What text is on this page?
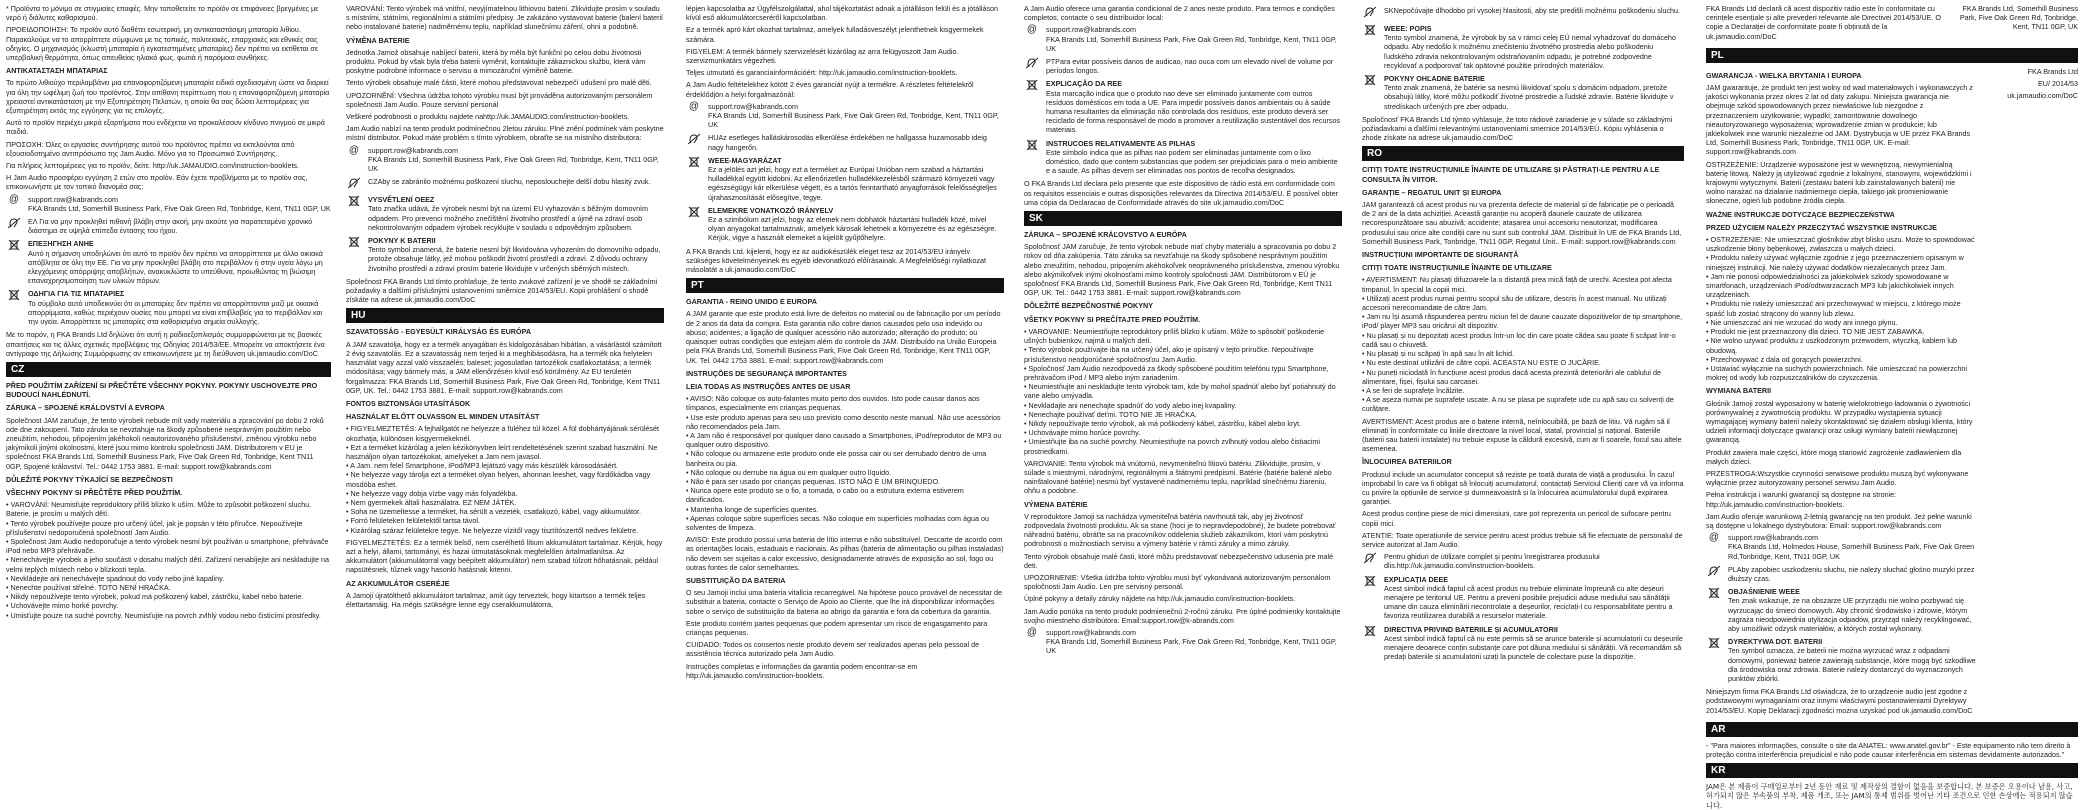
* Προϊόντα το μόνιμο σε στιγμιαίες επαφές. Μην τοποθετείτε το προϊόν σε επιφάνειες βρεγμένες με νερό ή διάλυτες καθαρισμού.

ΠΡΟΕΙΔΟΠΟΙΗΣΗ: Το προϊόν αυτό διαθέτει εσωτερική, μη αντικαταστάσιμη μπαταρία λιθίου. Παρακαλούμε να το απορρίπτετε σύμφωνα με τις τοπικές, πολιτειακές, επαρχιακές και εθνικές σας οδηγίες. Ο μηχανισμός (κλωστή μπαταρία ή εγκατεστημένες μπαταρίες) δεν πρέπει να εκτίθεται σε υπερβολική θερμότητα, όπως απευθείας ηλιακό φως, φωτιά ή παρόμοια συνθήκες.

ΑΝΤΙΚΑΤΑΣΤΑΣΗ ΜΠΑΤΑΡΙΑΣ

Το πρώτο λιθιούχο περιλαμβάνει μια επαναφορτιζόμενη μπαταρία ειδικά σχεδιασμένη ώστε να διαρκεί για όλη την ωφέλιμη ζωή του προϊόντος. Στην απίθανη περίπτωση που η επαναφορτιζόμενη μπαταρία χρειαστεί αντικατάσταση με την Εξυπηρέτηση Πελατών, η οποία θα σας δώσει λεπτομέρειες για εξυπηρέτηση εκτός της εγγύησης για τις επιλογές.

Αυτό το προϊόν περιέχει μικρά εξαρτήματα που ενδέχεται να προκαλέσουν κίνδυνο πνιγμού σε μικρά παιδιά.

ΠΡΟΣΟΧΗ: Όλες οι εργασίες συντήρησης αυτού του προϊόντος πρέπει να εκτελούνται από εξουσιοδοτημένο αντιπρόσωπο της Jam Audio. Μόνο για το Προσωπικό Συντήρησης.

Για πλήρεις λεπτομέρειες για το προϊόν, δείτε. http://uk.JAMAUDIO.com/instruction-booklets.

Η Jam Audio προσφέρει εγγύηση 2 ετών στο προϊόν. Εάν έχετε προβλήματα με το προϊόν σας, επικοινωνήστε με τον τοπικό διανομέα σας:

@	support.row@kabrands.com
FKA Brands Ltd, Somerhill Business Park, Five Oak Green Rd, Tonbridge, Kent, TN11 0GP, UK
ΕΛ Για να μην προκληθεί πιθανή βλάβη στην ακοή, μην ακούτε για παρατεταμένο χρονικό διάστημα σε υψηλά επίπεδα έντασης του ήχου.
ΕΠΕΞΗΓΗΣΗ ΑΝΗΕ
Αυτό η σήμανση υποδηλώνει ότι αυτό το προϊόν δεν πρέπει να απορρίπτεται με άλλα οικιακά απόβλητα σε όλη την ΕΕ. Για να μην προκληθεί βλάβη στο περιβάλλον ή στην υγεία λόγω μη ελεγχόμενης απόρριψης αποβλήτων, ανακυκλώστε το υπεύθυνα, προωθώντας τη βιώσιμη επαναχρησιμοποίηση των υλικών πόρων.
ΟΔΗΓΙΑ ΓΙΑ ΤΙΣ ΜΠΑΤΑΡΙΕΣ
Το σύμβολο αυτό υποδεικνύει ότι οι μπαταρίες δεν πρέπει να απορρίπτονται μαζί με οικιακά απορρίμματα, καθώς περιέχουν ουσίες που μπορεί να είναι επιβλαβείς για το περιβάλλον και την υγεία. Απορρίπτετε τις μπαταρίες στα καθορισμένα σημεία συλλογής.

Με το παρόν, η FKA Brands Ltd δηλώνει ότι αυτή η ραδιοεξοπλισμός συμμορφώνεται με τις βασικές απαιτήσεις και τις άλλες σχετικές προβλέψεις της Οδηγίας 2014/53/ΕΕ. Μπορείτε να αποκτήσετε ένα αντίγραφο της Δήλωσης Συμμόρφωσης αν επικοινωνήσετε με τη διεύθυνση uk.jamaudio.com/DoC

CZ

PŘED POUŽITÍM ZAŘÍZENÍ SI PŘEČTĚTE VŠECHNY POKYNY. POKYNY USCHOVEJTE PRO BUDOUCÍ NAHLÉDNUTÍ.

ZÁRUKA – SPOJENÉ KRÁLOVSTVÍ A EVROPA

Společnost JAM zaručuje, že tento výrobek nebude mít vady materiálu a zpracování po dobu 2 roků ode dne zakoupení. Tato záruka se nevztahuje na škody způsobené nesprávným použitím nebo zneužitím, nehodou, připojením jakéhokoli neautorizovaného příslušenství, změnou výrobku nebo jakýmikoli jinými okolnostmi, které jsou mimo kontrolu společnosti JAM. Distributorem v EU je společnost FKA Brands Ltd, Somerhill Business Park, Five Oak Green Rd, Tonbridge, Kent TN11 0GP, Spojené království. Tel.: 0442 1753 3881. E-mail: support.row@kabrands.com

DŮLEŽITÉ POKYNY TÝKAJÍCÍ SE BEZPEČNOSTI

VŠECHNY POKYNY SI PŘEČTĚTE PŘED POUŽITÍM.

• VAROVÁNÍ: Neumisťujte reproduktory příliš blízko k uším. Může to způsobit poškození sluchu. Baterie, je prosím u malých dětí.
• Tento výrobek používejte pouze pro určený účel, jak je popsán v této příručce. Nepoužívejte příslušenství nedoporučená společností Jam Audio.
• Společnost Jam Audio nedoporučuje a tento výrobek nesmí být používán u smartphone, přehrávače iPod nebo MP3 přehrávače.
• Nenechávejte výrobek a jeho součásti v dosahu malých dětí. Zařízení nenabíjejte ani neskladujte na velmi teplých místech nebo v blízkosti tepla.
• Nevkládejte ani nenechávejte spadnout do vody nebo jiné kapaliny.
• Nenechte používat střelné. TOTO NENÍ HRAČKA.
• Nikdy nepoužívejte tento výrobek, pokud má poškozený kabel, zástrčku, kabel nebo baterie.
• Uchovávejte mimo horké povrchy.
• Umisťujte pouze na suché povrchy. Neumisťujte na povrch zvlhlý vodou nebo čisticími prostředky.

VAROVÁNÍ: Tento výrobek má vnitřní, nevyjímatelnou lithiovou baterii. Zlikvidujte prosím v souladu s místními, státními, regionálními a státními předpisy. Je zakázáno vystavovat baterie (balení baterií nebo instalované baterie) nadměrnému teplu, například slunečnímu záření, ohni a podobně.

VÝMĚNA BATERIE

Jednotka Jamož obsahuje nabíjecí baterii, která by měla být funkční po celou dobu životnosti produktu. Pokud by však byla třeba baterii vyměnit, kontaktujte zákaznickou službu, která vám poskytne podrobné informace o servisu a mimozáruční výměně baterie.

Tento výrobek obsahuje malé části, které mohou představovat nebezpečí udušení pro malé děti.

UPOZORNĚNÍ: Všechna údržba tohoto výrobku musí být prováděna autorizovaným personálem společnosti Jam Audio. Pouze servisní personál

Veškeré podrobnosti o produktu najdete nahttp://uk.JAMAUDIO.com/instruction-booklets.

Jam Audio nabízí na tento produkt podmínečnou 2letou záruku. Plné znění podmínek vám poskytne místní distributor. Pokud máte problém s tímto výrobkem, obraťte se na místního distributora:

@	support.row@kabrands.com
FKA Brands Ltd, Somerhill Business Park, Five Oak Green Rd, Tonbridge, Kent, TN11 0GP, UK
CZAby se zabránilo možnému poškození sluchu, neposlouchejte delší dobu hlasitý zvuk.
VYSVĚTLENÍ OEEZ
Tato značka udává, že výrobek nesmí být na území EU vyhazován s běžným domovním odpadem. Pro prevenci možného znečištění životního prostředí a újmě na zdraví osob nekontrolovaným odpadem výrobek recyklujte v souladu s odpovědným způsobem.
POKYNY K BATERII
Tento symbol znamená, že baterie nesmí být likvidována vyhozením do domovního odpadu, protože obsahuje látky, jež mohou poškodit životní prostředí a zdraví. Z důvodu ochrany životního prostředí a zdraví prosím baterie likvidujte v určených sběrných místech.

Společnost FKA Brands Ltd tímto prohlašuje, že tento zvukové zařízení je ve shodě se základními požadavky a dalšími příslušnými ustanoveními směrnice 2014/53/EU. Kopii prohlášení o shodě získáte na adrese uk.jamaudio.com/DoC

HU

SZAVATOSSÁG - EGYESÜLT KIRÁLYSÁG ÉS EURÓPA

A JAM szavatolja, hogy ez a termék anyagában és kidolgozásában hibátlan, a vásárlástól számított 2 évig szavatolás. Ez a szavatosság nem terjed ki a meghibásodásra, ha a termék oka helytelen használat vagy azzal való visszaélés; baleset; jogosulatlan tartozékok csatlakoztatása; a termék módosítása; vagy bármely más, a JAM ellenőrzésén kívül eső körülmény. Az EU területén forgalmazza: FKA Brands Ltd, Somerhill Business Park, Five Oak Green Rd, Tonbridge, Kent TN11 0GP, UK. Tel.: 0442 1753 3881. E-mail: support.row@kabrands.com

FONTOS BIZTONSÁGI UTASÍTÁSOK

HASZNÁLAT ELŐTT OLVASSON EL MINDEN UTASÍTÁST

• FIGYELMEZTETÉS: A fejhallgatót ne helyezze a füléhez túl közel. A fül dobhártyájának sérülését okozhatja, különösen kisgyermekeknél.
• Ezt a terméket kizárólag a jelen kézikönyvben leírt rendeltetésének szerint szabad használni. Ne használjon olyan tartozékokat, amelyeket a Jam nem javasol.
• A Jam. nem felel Smartphone, iPod/MP3 lejátszó vagy más készülék károsodásáért.
• Ne helyezze vagy tárolja ezt a terméket olyan helyen, ahonnan leeshet, vagy fürdőkádba vagy mosdóba eshet.
• Ne helyezze vagy dobja vízbe vagy más folyadékba.
• Nem gyermekek általi használatra. EZ NEM JÁTÉK.
• Soha ne üzemeltesse a terméket, ha sérült a vezeték, csatlakozó, kábel, vagy akkumulátor.
• Forró felületeken felületektől tartsa távol.
• Kizárólag száraz felületekre tegye. Ne helyezze vízitől vagy tisztítószertől nedves felületre.

FIGYELMEZTETÉS: Ez a termék belső, nem cserélhető lítium akkumulátort tartalmaz. Kérjük, hogy azt a helyi, állami, tartományi, és hazai útmutatásoknak megfelelően ártalmatlanítsa. Az akkumulátort (akkumulátorral vagy beépített akkumulátor) nem szabad túlzott hőhatásnak, például napsütésnek, tűznek vagy hasonló hatásnak kitenni.

AZ AKKUMULÁTOR CSERÉJE

A Jamoji újratölthető akkumulátort tartalmaz, amit úgy terveztek, hogy kitartson a termék teljes élettartamáig. Ha mégis szükségre lenne egy cserakkumulátorra,

lépjen kapcsolatba az Ügyfélszolgálattal, ahol tájékoztatást adnak a jótálláson felüli és a jótálláson kívül eső akkumulátorcseréről kapcsolatban.

Ez a termék apró kárt okozhat tartalmaz, amelyek fulladásveszélyt jelenthetnek kisgyermekek számára.

FIGYELEM: A termék bármely szervizelését kizárólag az arra felügyoszott Jam Audio. szervizmunkatárs végezheti.

Teljes utmutató és garanciainformációért: http://uk.jamaudio.com/instruction-booklets.

A Jam Audio feltételekhez kötött 2 éves garanciát nyújt a termékre. A részletes feltételekről érdeklődjön a helyi forgalmazónál:

@	support.row@kabrands.com
FKA Brands Ltd, Somerhill Business Park, Five Oak Green Rd, Tonbridge, Kent, TN11 0GP, UK
HUAz esetleges halláskárosodás elkerülése érdekében ne hallgassa huzamosabb ideig nagy hangerőn.
WEEE-MAGYARÁZAT
Ez a jelölés azt jelzi, hogy ezt a terméket az Európai Unióban nem szabad a háztartási hulladékkal együtt kidobni. Az ellenőrizetlen hulladékkezelésből származó környezeti vagy egészségügyi kár elkerülése végett, és a tartós fenntartható anyagforrások felelősségteljes újrahasznosítását elősegítve, tegye.
ELEMEKRE VONATKOZÓ IRÁNYELV
Ez a szimbólum azt jelzi, hogy az elemek nem dobhatók háztartási hulladék közé, mivel olyan anyagokat tartalmaznak, amelyek károsak lehetnek a környezetre és az egészségre. Kérjük, vigye a használt elemeket a kijelölt gyűjtőhelyre.

A FKA Brands Ltd. kijelenti, hogy ez az audiokészülék eleget tesz az 2014/53/EU irányelv szükséges követelményeinek és egyéb idevonatkozó előírásainak. A Megfelelőségi nyilatkozat másolatát a uk.jamaudio.com/DoC

PT

GARANTIA - REINO UNIDO E EUROPA

A JAM garante que este produto está livre de defeitos no material ou de fabricação por um período de 2 anos da data da compra. Esta garantia não cobre danos causados pelo uso indevido ou abuso; acidentes; a ligação de qualquer acessório não autorizado; alteração do produto; ou quaisquer outras condições que estejam além do controle da JAM. Distribuído na União Europeia pela FKA Brands Ltd, Somerhill Business Park, Five Oak Green Rd, Tonbridge, Kent TN11 0GP, UK. Tel. 0442 1753 3881. E-mail: support.row@kabrands.com

INSTRUÇÕES DE SEGURANÇA IMPORTANTES

LEIA TODAS AS INSTRUÇÕES ANTES DE USAR

• AVISO: Não coloque os auto-falantes muito perto dos ouvidos. Isto pode causar danos aos tímpanos, especialmente em crianças pequenas.
• Use este produto apenas para seu uso previsto como descrito neste manual. Não use acessórios não recomendados pela Jam.
• A Jam não é responsável por qualquer dano causado a Smartphones, iPod/reprodutor de MP3 ou qualquer outro dispositivo.
• Não coloque ou armazene este produto onde ele possa cair ou ser derrubado dentro de uma banheira ou pia.
• Não coloque ou derrube na água ou em qualquer outro líquido.
• Não é para ser usado por crianças pequenas. ISTO NÃO É UM BRINQUEDO.
• Nunca opere este produto se o fio, a tomada, o cabo ou a estrutura externa estiverem danificados.
• Mantenha longe de superfícies quentes.
• Apenas coloque sobre superfícies secas. Não coloque em superfícies molhadas com água ou solventes de limpeza.

AVISO: Este produto possui uma bateria de lítio interna e não substituível. Descarte de acordo com as orientações locais, estaduais e nacionais. As pilhas (bateria de alimentação ou pilhas instaladas) não devem ser sujeitas a calor excessivo, designadamente através de exposição ao sol, fogo ou outras fontes de calor semelhantes.

SUBSTITUIÇÃO DA BATERIA

O seu Jamoji inclui uma bateria vitalícia recarregável. Na hipótese pouco provável de necessitar de substituir a bateria, contacte o Serviço de Apoio ao Cliente, que lhe irá disponibilizar informações sobre o serviço de substituição da bateria ao abrigo da garantia e fora da cobertura da garantia.

Este produto contém partes pequenas que podem apresentar um risco de engasgamento para crianças pequenas.

CUIDADO: Todos os consertos neste produto devem ser realizados apenas pelo pessoal de assistência técnica autorizado pela Jam Audio.

Instruções completas e informações da garantia podem encontrar-se em http://uk.jamaudio.com/instruction-booklets.

A Jam Audio oferece uma garantia condicional de 2 anos neste produto. Para termos e condições completos, contacte o seu distribuidor local:

@	support.row@kabrands.com
FKA Brands Ltd, Somerhill Business Park, Five Oak Green Rd, Tonbridge, Kent, TN11 0GP, UK
PTPara evitar possíveis danos de audicao, nao ouca com um elevado nivel de volume por períodos longos.
EXPLICAÇÃO DA REE
Esta marcação indica que o produto nao deve ser eliminado juntamente com outros resíduos domésticos em toda a UE. Para impedir possíveis danos ambientais ou à saúde humana resultantes da eliminação não controlada dos resíduos, este produto deverá ser reciclado de forma responsável de modo a promover a reutilização sustentável dos recursos materiais.
INSTRUCOES RELATIVAMENTE AS PILHAS
Este símbolo indica que as pilhas nao podem ser eliminadas juntamente com o lixo doméstico, dado que contem substancias que podem ser prejudiciais para o meio ambiente e a saude. As pilhas devem ser eliminadas nos pontos de recolha designados.

O FKA Brands Ltd declara pelo presente que este dispositivo de rádio está em conformidade com os requisitos essenciais e outras disposições relevantes da Directiva 2014/53/EU. É possível obter uma cópia da Declaracao de Conformidade através do site uk.jamaudio.com/DoC

SK

ZÁRUKA – SPOJENÉ KRÁĽOVSTVO A EURÓPA

Spoločnosť JAM zaručuje, že tento výrobok nebude mať chyby materiálu a spracovania po dobu 2 rokov od dňa zakúpenia. Táto záruka sa nevzťahuje na škody spôsobené nesprávnym použitím alebo zneužitím, nehodou, pripojením akéhokoľvek neoprávneného príslušenstva, zmenou výrobku alebo akýmikoľvek inými okolnosťami mimo kontroly spoločnosti JAM. Distribútorom v EÚ je spoločnosť FKA Brands Ltd, Somerhill Business Park, Five Oak Green Rd, Tonbridge, Kent TN11 0GP, UK. Tel.: 0442 1753 3881. E-mail: support.row@kabrands.com

DÔLEŽITÉ BEZPEČNOSTNÉ POKYNY

VŠETKY POKYNY SI PREČÍTAJTE PRED POUŽITÍM.

• VAROVANIE: Neumiestňujte reproduktory príliš blízko k ušiam. Môže to spôsobiť poškodenie ušných bubienkov, najmä u malých detí.
• Tento výrobok používajte iba na určený účel, ako je opísaný v tejto príručke. Nepoužívajte príslušenstvo neodporúčané spoločnosťou Jam Audio.
• Spoločnosť Jam Audio nezodpovedá za škody spôsobené použitím telefónu typu Smartphone, prehrávačom iPod / MP3 alebo iným zariadením.
• Neumiestňujte ani neskladujte tento výrobok tam, kde by mohol spadnúť alebo byť potiahnutý do vane alebo umývadla.
• Nevkladajte ani nenechajte spadnúť do vody alebo inej kvapaliny.
• Nenechajte používať deťmi. TOTO NIE JE HRAČKA.
• Nikdy nepoužívajte tento výrobok, ak má poškodený kábel, zástrčku, kábel alebo kryt.
• Uchovávajte mimo horúce povrchy.
• Umiestňujte iba na suché povrchy. Neumiestňujte na povrch zvlhnutý vodou alebo čistiacimi prostriedkami.

VAROVANIE: Tento výrobok má vnútornú, nevymeniteľnú lítiovú batériu. Zlikvidujte, prosím, v súlade s miestnymi, národnými, regionálnymi a štátnymi predpismi. Batérie (batérie balené alebo nainštalované batérie) nesmú byť vystavené nadmernému teplu, napríklad slnečnému žiareniu, ohňu a podobne.

VÝMENA BATÉRIE

V reproduktore Jamoji sa nachádza vymeniteľná batéria navrhnutá tak, aby jej životnosť zodpovedala životnosti produktu. Ak sa stane (hoci je to nepravdepodobné), že budete potrebovať náhradnú batériu, obráťte sa na pracovníkov oddelenia služieb zákazníkom, ktorí vám poskytnú podrobnosti o možnostiach servisu a výmeny batérie v rámci záruky a mimo záruky.

Tento výrobok obsahuje malé časti, ktoré môžu predstavovať nebezpečenstvo udusenia pre malé deti.

UPOZORNENIE: Všetka údržba tohto výrobku musí byť vykonávaná autorizovaným personálom spoločnosti Jam Audio. Len pre servisný personál.

Úplné pokyny a detaily záruky nájdete na http://uk.jamaudio.com/instruction-booklets.

Jam Audio ponúka na tento produkt podmienečnú 2-ročnú záruku. Pre úplné podmienky kontaktujte svojho miestneho distribútora: Email:support.row@k-abrands.com

@	support.row@kabrands.com
FKA Brands Ltd, Somerhill Business Park, Five Oak Green Rd, Tonbridge, Kent, TN11 0GP, UK
SKNepočúvajte dlhodobo pri vysokej hlasitosti, aby ste predišli možnému poškodeniu sluchu.
WEEE: POPIS
Tento symbol znamená, že výrobok by sa v rámci celej EÚ nemal vyhadzovať do domáceho odpadu. Aby nedošlo k možnému znečisteniu životného prostredia alebo poškodeniu ľudského zdravia nekontrolovaným odstraňovaním odpadu, je potrebné zodpovedne recyklovať a podporovať tak opätovné použitie prírodných materiálov.
POKYNY OHĽADNE BATERIE
Tento znak znamená, že batérie sa nesmú likvidovať spolu s domácim odpadom, pretože obsahujú látky, ktoré môžu poškodiť životné prostredie a ľudské zdravie. Batérie likvidujte v stredískach určených pre zber odpadu.

Spoločnosť FKA Brands Ltd týmto vyhlasuje, že toto rádiové zariadenie je v súlade so základnými požiadavkami a ďalšími relevantnými ustanoveniami smernice 2014/53/EÚ. Kópiu vyhlásenia o zhode získate na adrese uk.jamaudio.com/DoC

RO

CITIȚI TOATE INSTRUCȚIUNILE ÎNAINTE DE UTILIZARE ȘI PĂSTRAȚI-LE PENTRU A LE CONSULTA ÎN VIITOR.

GARANȚIE – REGATUL UNIT ȘI EUROPA

JAM garantează că acest produs nu va prezenta defecte de material și de fabricație pe o perioadă de 2 ani de la data achiziției. Această garanție nu acoperă daunele cauzate de utilizarea necorespunzătoare sau abuzivă; accidente; atașarea unui accesoriu neautorizat, modificarea produsului sau orice alte condiții care nu sunt sub controlul JAM. Distribuit în UE de FKA Brands Ltd, Somerhill Business Park, Tonbridge, TN11 0GP, Regatul Unit.. E-mail: support.row@kabrands.com

INSTRUCȚIUNI IMPORTANTE DE SIGURANȚĂ

CITIȚI TOATE INSTRUCȚIUNILE ÎNAINTE DE UTILIZARE

• AVERTISMENT: Nu plasați difuzoarele la o distanță prea mică față de urechi. Acestea pot afecta timpanul, în special la copiii mici.
• Utilizați acest produs numai pentru scopul său de utilizare, descris în acest manual. Nu utilizați accesorii nerecomandate de către Jam.
• Jam nu își asumă răspunderea pentru niciun fel de daune cauzate dispozitivelor de tip smartphone, iPod/ player MP3 sau oricărui alt dispozitiv.
• Nu plasați și nu depozitați acest produs într-un loc din care poate cădea sau poate fi scăpat într-o cadă sau o chiuvetă.
• Nu plasați și nu scăpați în apă sau în alt lichid.
• Nu este destinat utilizării de către copii. ACEASTA NU ESTE O JUCĂRIE.
• Nu puneți niciodată în funcțiune acest produs dacă acesta prezintă deteriorări ale cablului de alimentare, fișei, fișului sau carcasei.
• A se feri de suprafețe încălzite.
• A se așeza numai pe suprafețe uscate. A nu se plasa pe suprafețe ude cu apă sau cu solvenți de curățare.

AVERTISMENT: Acest produs are o baterie internă, neînlocuibilă, pe bază de litiu. Vă rugăm să il eliminați în conformitate cu liniile directoare la nivel local, statal, provincial și național. Bateriile (baterii sau baterii instalate) nu trebuie expuse la căldură excesivă, cum ar fi soarele, focul sau altele asemenea.

ÎNLOCUIREA BATERIILOR

Produsul include un acumulator conceput să reziste pe toată durata de viață a produsului. În cazul improbabil în care va fi obligat să înlocuiți acumulatorul, contactați Serviciul Clienți care vă va informa cu privire la opțiunile de service și dumneavoastră și la înlocuirea acumulatorului după expirarea garanției.

Acest produs conține piese de mici dimensiuni, care pot reprezenta un pericol de sufocare pentru copiii mici.

ATENȚIE: Toate operațiunile de service pentru acest produs trebuie să fie efectuate de personalul de service autorizat al Jam Audio.

Pentru ghiduri de utilizare complet și pentru înregistrarea produsului dlis.http://uk.jamaudio.com/instruction-booklets.
EXPLICAȚIA DEEE
Acest simbol indică faptul că acest produs nu trebuie eliminate împreună cu alte deșeuri menajere pe teritoriul UE. Pentru a preveni posibile prejudicii aduse mediului sau sănătății umane din cauza eliminării necontrolate a deșeurilor, reciclați-l cu responsabilitate pentru a favoriza reutilizarea durabilă a resurselor materiale.
DIRECTIVA PRIVIND BATERIILE ȘI ACUMULATORII
Acest simbol indică faptul că nu este permis să se arunce bateriile și acumulatorii cu deșeurile menajere deoarece conțin substanțe care pot dăuna mediului și sănătății. Vă recomandăm să predați bateriile și acumulatorii uzați la punctele de colectare puse la dispoziție.

FKA Brands Ltd declară că acest dispozitiv radio este în conformitate cu cerințele esențiale și alte prevederi relevante ale Directivei 2014/53/UE. O copie a Declarației de conformitate poate fi obținută de la uk.jamaudio.com/DoC

FKA Brands Ltd, Somerhill Business Park, Five Oak Green Rd, Tonbridge, Kent, TN11 0GP, UK

PL

GWARANCJA - WIELKA BRYTANIA I EUROPA

JAM gwarantuje, że produkt ten jest wolny od wad materiałowych i wykonawczych z jakości wykonania przez okres 2 lat od daty zakupu. Niniejsza gwarancja nie obejmuje szkód spowodowanych przez niewłaściwe lub niezgodne z przeznaczeniem użytkowanie; wypadki; zamontowanie dowolnego nieautoryzowanego wyposażenia; wprowadzenie zmian w produkcie; lub jakiekolwiek inne warunki niezależne od JAM. Dystrybucja w UE przez FKA Brands Ltd, Somerhill Business Park, Tonbridge, TN11 0GP, UK. E-mail: support.row@kabrands.com

OSTRZEŻENIE: Urządzenie wyposażone jest w wewnętrzną, niewymienialną baterię litową. Należy ją utylizować zgodnie z lokalnymi, stanowymi, wojewódzkimi i krajowymi wytycznymi. Baterii (zestawu baterii lub zainstalowanych baterii) nie wolno narażać na działanie nadmiernego ciepła, takiego jak promieniowanie słoneczne, ogień lub podobne źródła ciepła.

WAŻNE INSTRUKCJE DOTYCZĄCE BEZPIECZEŃSTWA

PRZED UŻYCIEM NALEŻY PRZECZYTAĆ WSZYSTKIE INSTRUKCJE

• OSTRZEŻENIE: Nie umieszczać głośników zbyt blisko uszu. Może to spowodować uszkodzenie błony bębenkowej, zwłaszcza u małych dzieci.
• Produktu należy używać wyłącznie zgodnie z jego przeznaczeniem opisanym w niniejszej instrukcji. Nie należy używać dodatków niezalecanych przez Jam.
• Jam nie ponosi odpowiedzialności za jakiekolwiek szkody spowodowane w smartfonach, urządzeniach iPod/odtwarzaczach MP3 lub jakichkolwiek innych urządzeniach.
• Produktu nie należy umieszczać ani przechowywać w miejscu, z którego może spaść lub zostać strącony do wanny lub zlewu.
• Nie umieszczać ani nie wrzucać do wody ani innego płynu.
• Produkt nie jest przeznaczony dla dzieci. TO NIE JEST ZABAWKA.
• Nie wolno używać produktu z uszkodzonym przewodem, wtyczką, kablem lub obudową.
• Przechowywać z dala od gorących powierzchni.
• Ustawiać wyłącznie na suchych powierzchniach. Nie umieszczać na powierzchni mokrej od wody lub rozpuszczalników do czyszczenia.

WYMIANA BATERII

Głośnik Jamoji został wyposażony w baterię wielokrotnego ładowania o żywotności porównywalnej z żywotnością produktu. W przypadku wystąpienia sytuacji wymagającej wymiany baterii należy skontaktować się działem obsługi klienta, który udzieli informacji dotyczące gwarancji oraz usługi wymiany baterii niewłączonej gwarancją.

Produkt zawiera małe części, które mogą stanowić zagrożenie zadławieniem dla małych dzieci.

PRZESTROGA:Wszystkie czynności serwisowe produktu muszą być wykonywane wyłącznie przez autoryzowany personel serwisu Jam Audio.

Pełna instrukcja i warunki gwarancji są dostępne na stronie: http://uk.jamaudio.com/instruction-booklets.

Jam Audio oferuje warunkową 2-letnią gwarancję na ten produkt. Jeż pełne warunki są dostępne u lokalnego dystrybutora: Email: support.row@kabrands.com

@	support.row@kabrands.com
FKA Brands Ltd, Holmedos House, Somerhill Business Park, Five Oak Green Rd,Tonbridge, Kent, TN11 0GP, UK
PLAby zapobiec uszkodzeniu słuchu, nie należy słuchać głośno muzyki przez dłuższy czas.
OBJAŚNIENIE WEEE
Ten znak wskazuje, że na obszarze UE przyrządu nie wolno pozbywać się wyrzucając do śmieci domowych. Aby chronić środowisko i zdrowie, którym zagraża nieodpowiednia utylizacja odpadów, przyrząd należy recyklingować, aby umożliwić odzysk materiałów, a których został wykonany.
DYREKTYWA DOT. BATERII
Ten symbol oznacza, że baterii nie można wyrzucać wraz z odpadami domowymi, ponieważ baterie zawierają substancje, które mogą być szkodliwe dla środowiska oraz zdrowia. Baterie należy dostarczyć do wyznaczonych punktów zbiórki.

Niniejszym firma FKA Brands Ltd oświadcza, że to urządzenie audio jest zgodne z podstawowymi wymaganiami oraz innymi właściwymi postanowieniami Dyrektywy 2014/53/EU. Kopię Deklaracji zgodności można uzyskać pod uk.jamaudio.com/DoC

FKA Brands Ltd

2014/53 /EU

uk.jamaudio.com/DoC

AR

- "Para maiores informações, consulte o site da ANATEL: www.anatel.gov.br" - Este equipamento não tem direito à proteção contra interferência prejudicial e não pode causar interferência em sistemas devidamente autorizados."

KR

JAM은 본 제품이 구매일로부터 2년 동안 재료 및 제작상의 결함이 없음을 보증합니다. 본 보증은 오용이나 남용, 사고, 허가되지 않은 부속품의 부착, 제품 개조, 또는 JAM의 통제 범위를 벗어난 기타 조건으로 인한 손상에는 적용되지 않습니다.
